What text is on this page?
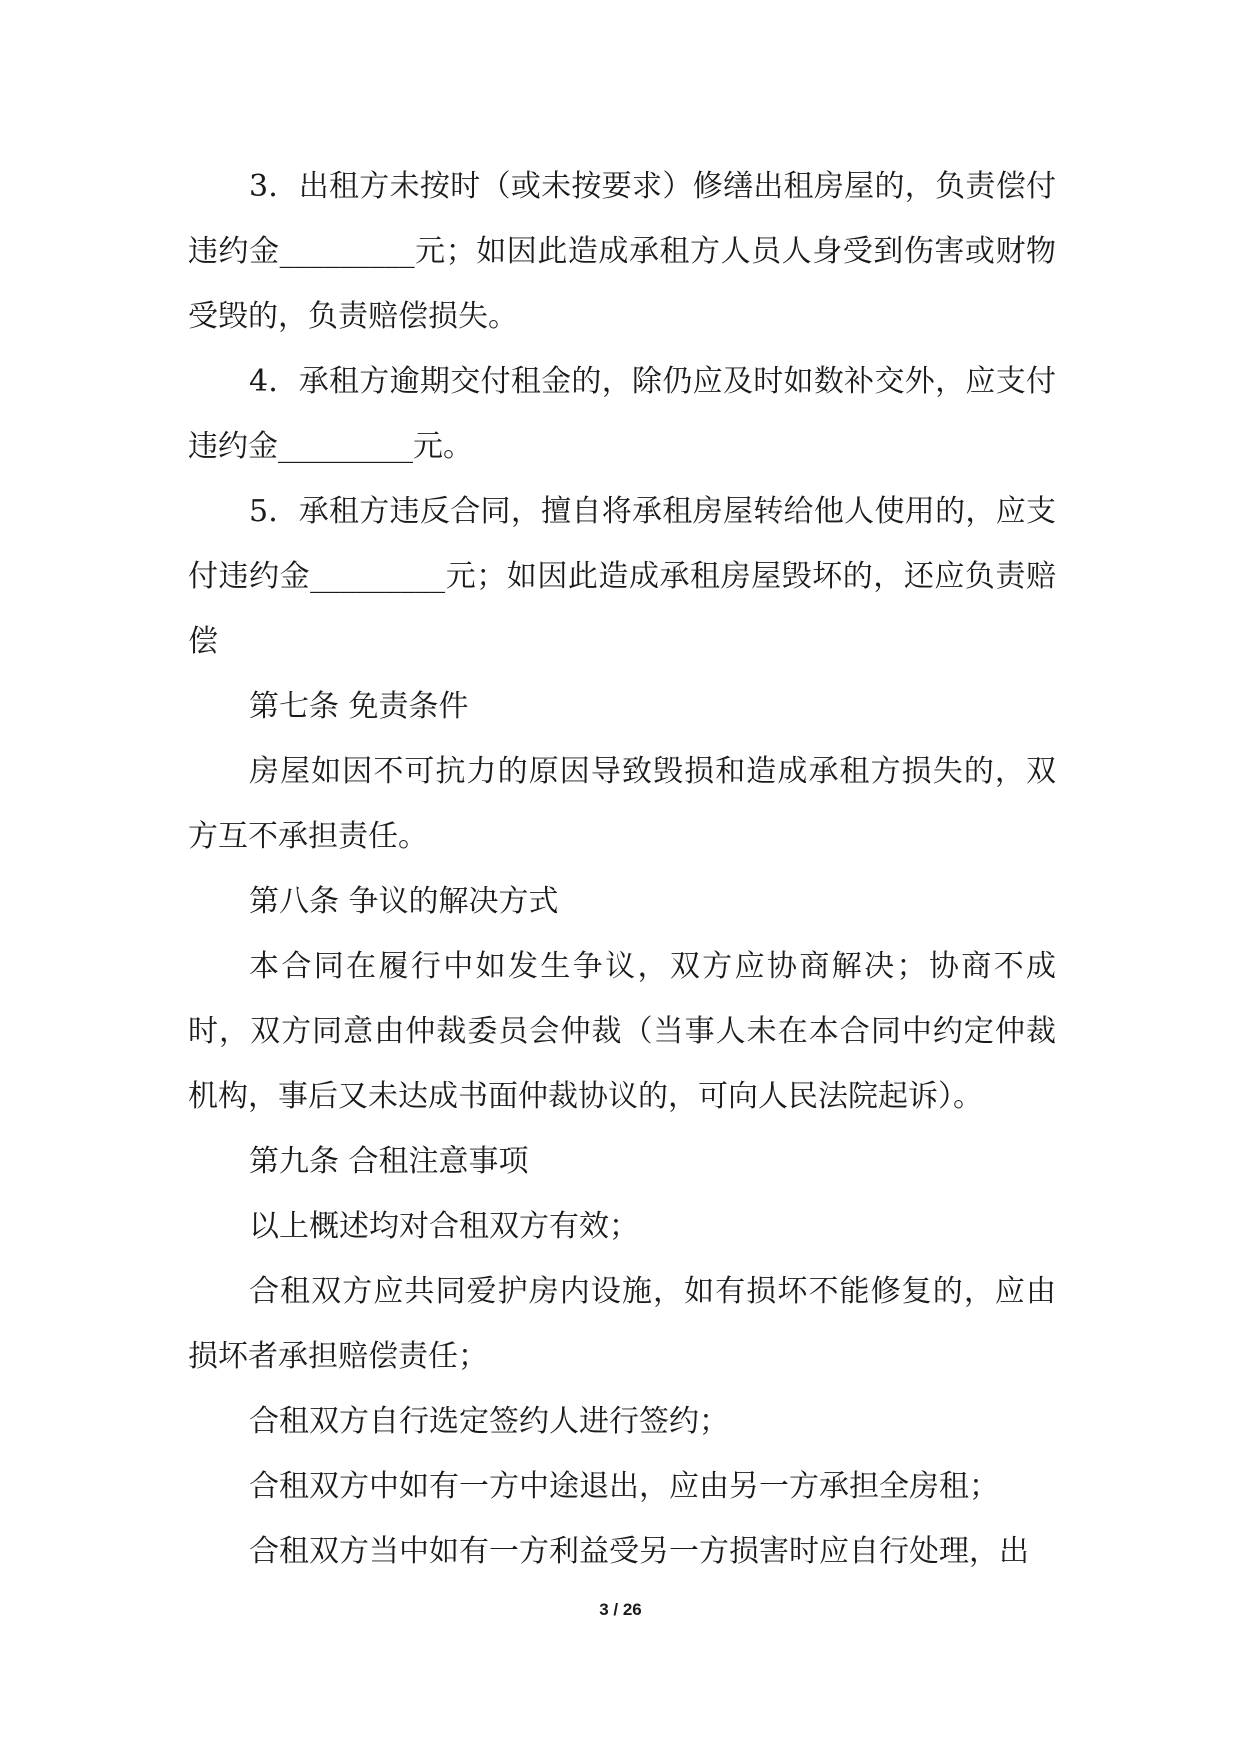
3．出租方未按时（或未按要求）修缮出租房屋的，负责偿付违约金_________元；如因此造成承租方人员人身受到伤害或财物受毁的，负责赔偿损失。

4．承租方逾期交付租金的，除仍应及时如数补交外，应支付违约金_________元。

5．承租方违反合同，擅自将承租房屋转给他人使用的，应支付违约金_________元；如因此造成承租房屋毁坏的，还应负责赔偿

第七条 免责条件

房屋如因不可抗力的原因导致毁损和造成承租方损失的，双方互不承担责任。

第八条 争议的解决方式

本合同在履行中如发生争议，双方应协商解决；协商不成时，双方同意由仲裁委员会仲裁（当事人未在本合同中约定仲裁机构，事后又未达成书面仲裁协议的，可向人民法院起诉）。

第九条 合租注意事项

以上概述均对合租双方有效；

合租双方应共同爱护房内设施，如有损坏不能修复的，应由损坏者承担赔偿责任；

合租双方自行选定签约人进行签约；

合租双方中如有一方中途退出，应由另一方承担全房租；

合租双方当中如有一方利益受另一方损害时应自行处理，出

3 / 26
